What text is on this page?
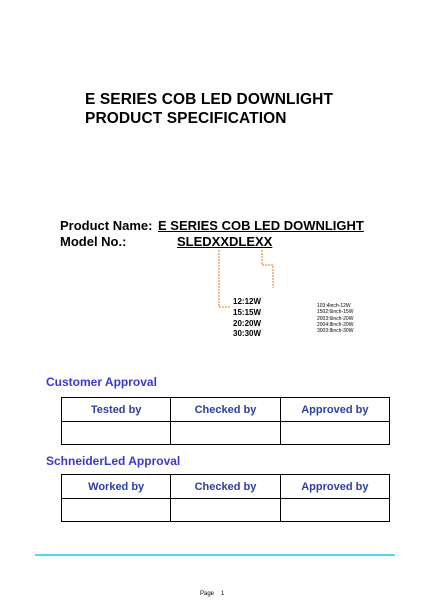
E SERIES COB LED DOWNLIGHT
PRODUCT SPECIFICATION
Product Name: E SERIES COB LED DOWNLIGHT
Model No.:	SLEDXXDLEXX
12:12W
15:15W
20:20W
30:30W
103:4inch-12W
1502:6inch-15W
2003:6inch-20W
2004:8inch-20W
3003:8inch-30W
Customer Approval
Tested by	Checked by	Approved by

SchneiderLed Approval
Worked by	Checked by	Approved by

Page 1
